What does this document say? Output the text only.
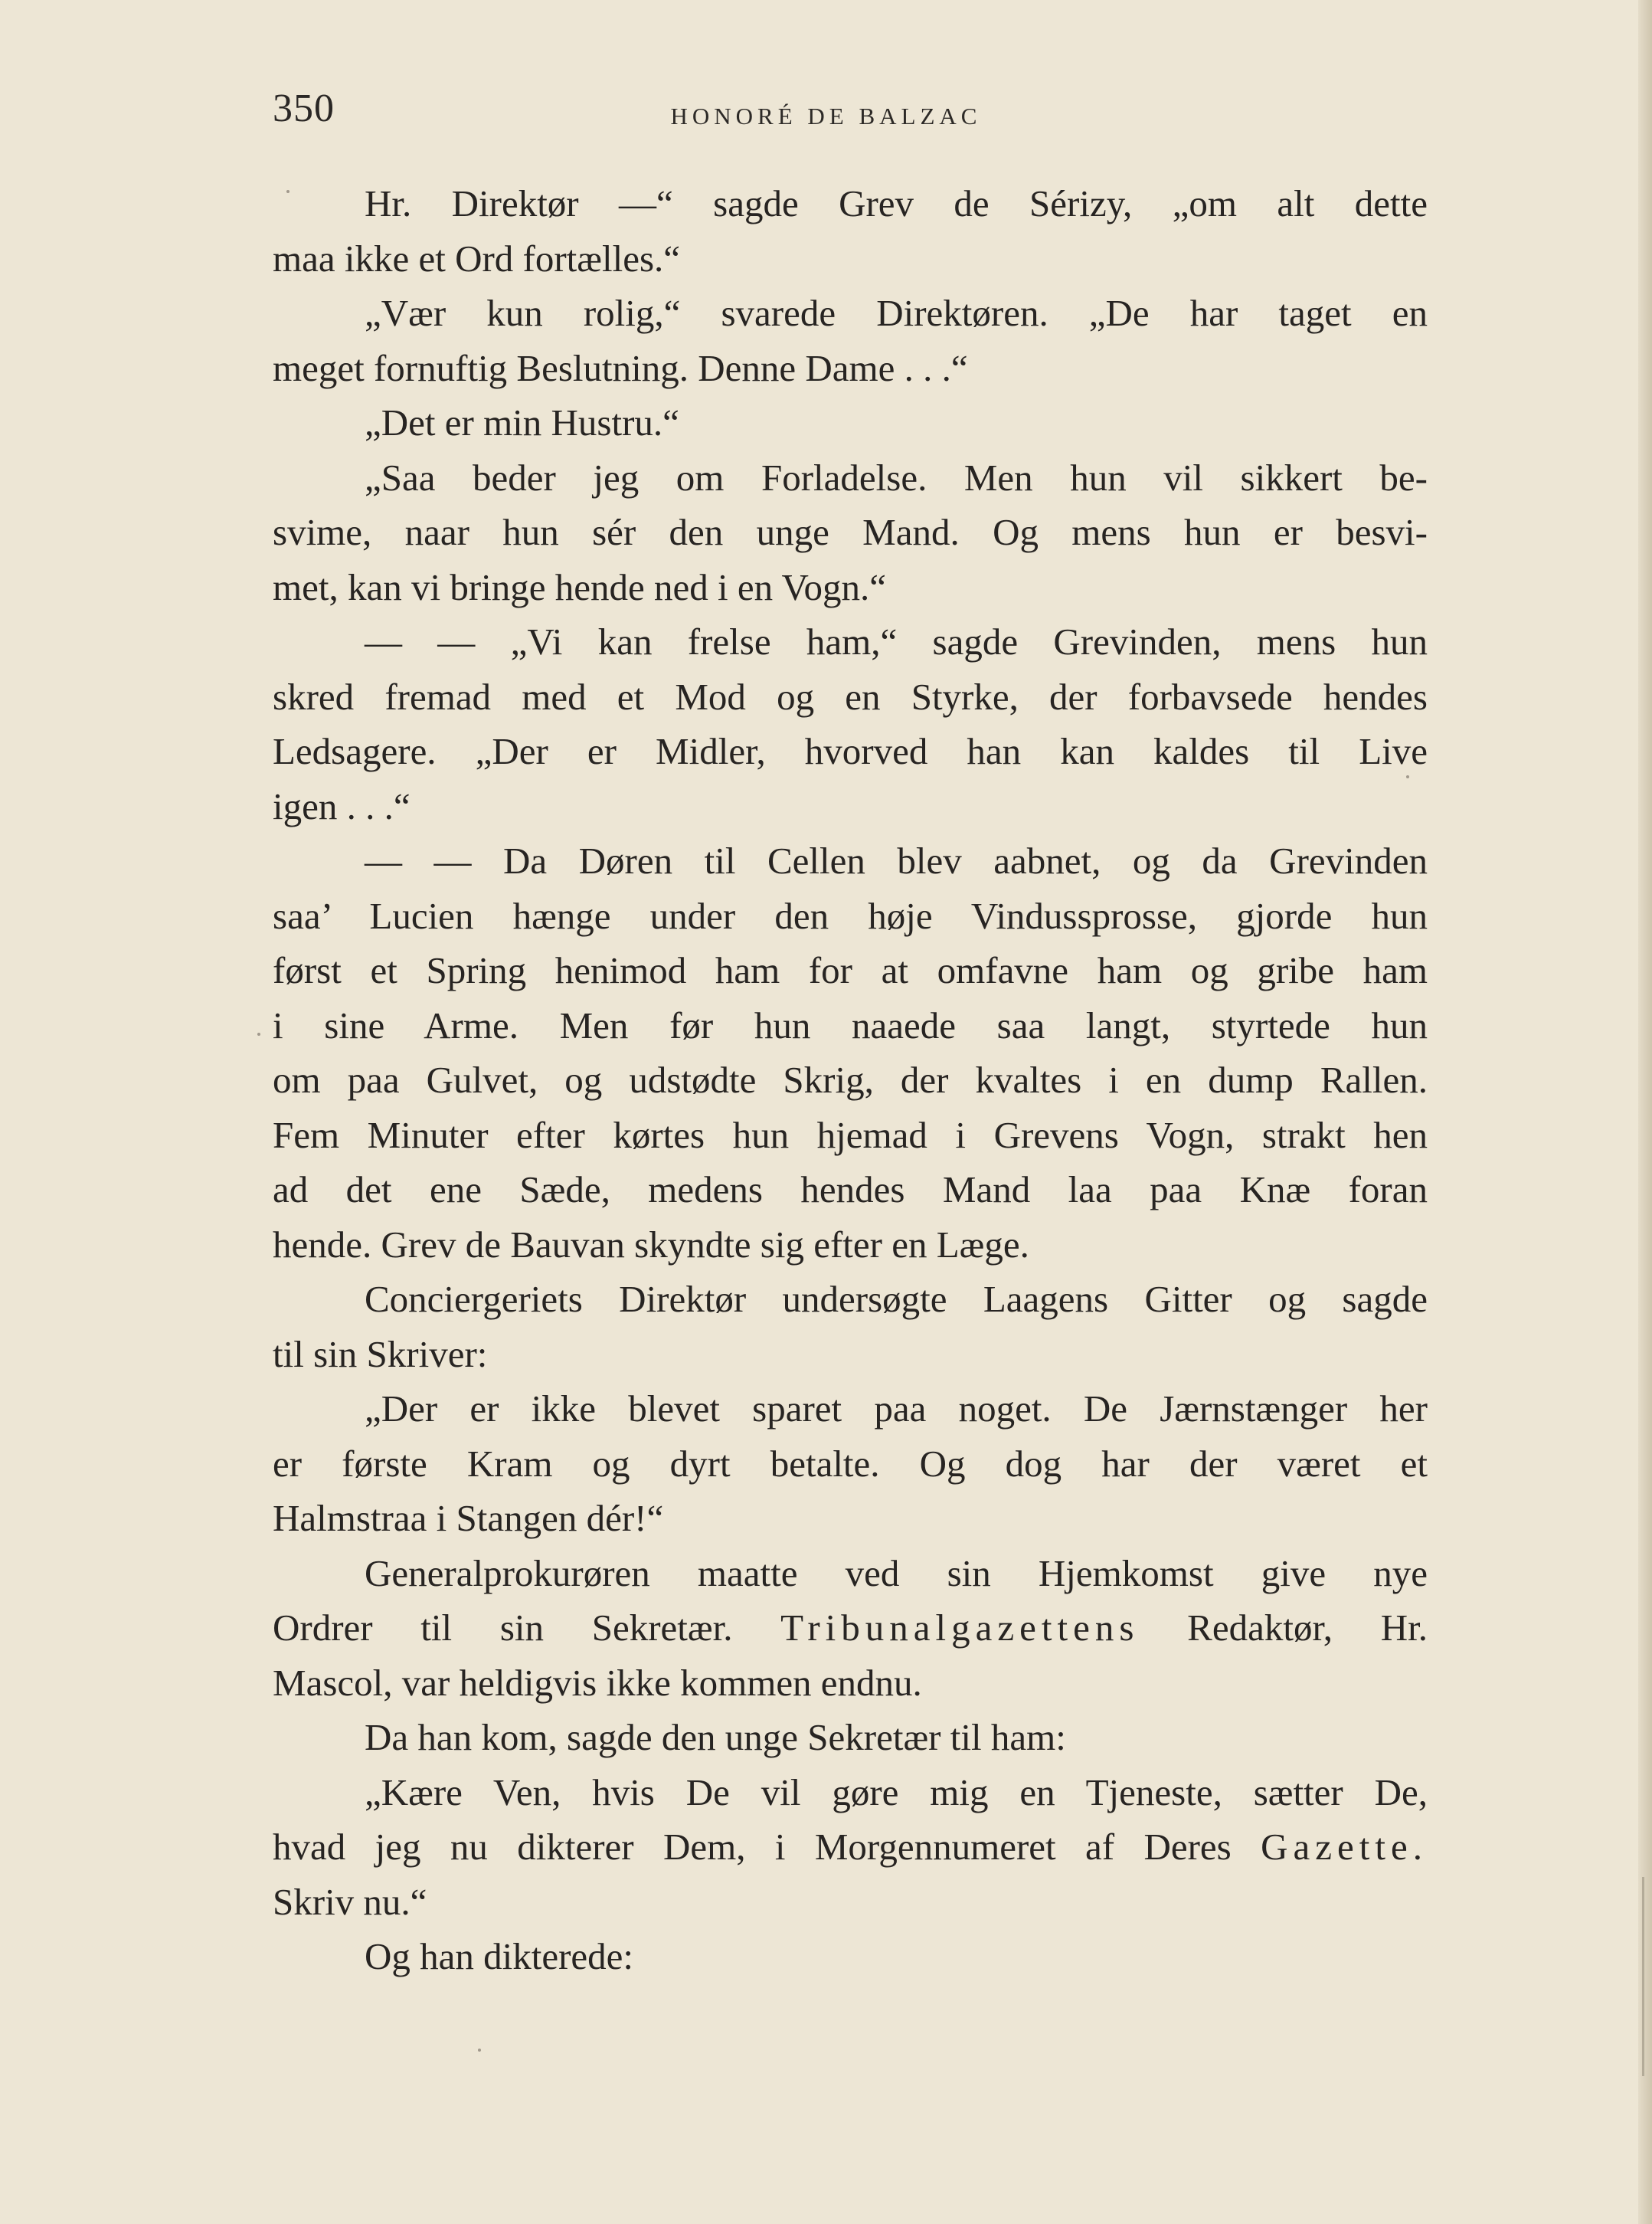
350	HONORÉ DE BALZAC
Hr. Direktør —“ sagde Grev de Sérizy, „om alt dette
maa ikke et Ord fortælles.“
„Vær kun rolig,“ svarede Direktøren. „De har taget en
meget fornuftig Beslutning. Denne Dame . . .“
„Det er min Hustru.“
„Saa beder jeg om Forladelse. Men hun vil sikkert be-
svime, naar hun sér den unge Mand. Og mens hun er besvi-
met, kan vi bringe hende ned i en Vogn.“
— — „Vi kan frelse ham,“ sagde Grevinden, mens hun
skred fremad med et Mod og en Styrke, der forbavsede hendes
Ledsagere. „Der er Midler, hvorved han kan kaldes til Live
igen . . .“
— — Da Døren til Cellen blev aabnet, og da Grevinden
saa’ Lucien hænge under den høje Vindussprosse, gjorde hun
først et Spring henimod ham for at omfavne ham og gribe ham
i sine Arme. Men før hun naaede saa langt, styrtede hun
om paa Gulvet, og udstødte Skrig, der kvaltes i en dump Rallen.
Fem Minuter efter kørtes hun hjemad i Grevens Vogn, strakt hen
ad det ene Sæde, medens hendes Mand laa paa Knæ foran
hende. Grev de Bauvan skyndte sig efter en Læge.
Conciergeriets Direktør undersøgte Laagens Gitter og sagde
til sin Skriver:
„Der er ikke blevet sparet paa noget. De Jærnstænger her
er første Kram og dyrt betalte. Og dog har der været et
Halmstraa i Stangen dér!“
Generalprokurøren maatte ved sin Hjemkomst give nye
Ordrer til sin Sekretær. Tribunalgazettens Redaktør, Hr.
Mascol, var heldigvis ikke kommen endnu.
Da han kom, sagde den unge Sekretær til ham:
„Kære Ven, hvis De vil gøre mig en Tjeneste, sætter De,
hvad jeg nu dikterer Dem, i Morgennumeret af Deres Gazette.
Skriv nu.“
Og han dikterede:
